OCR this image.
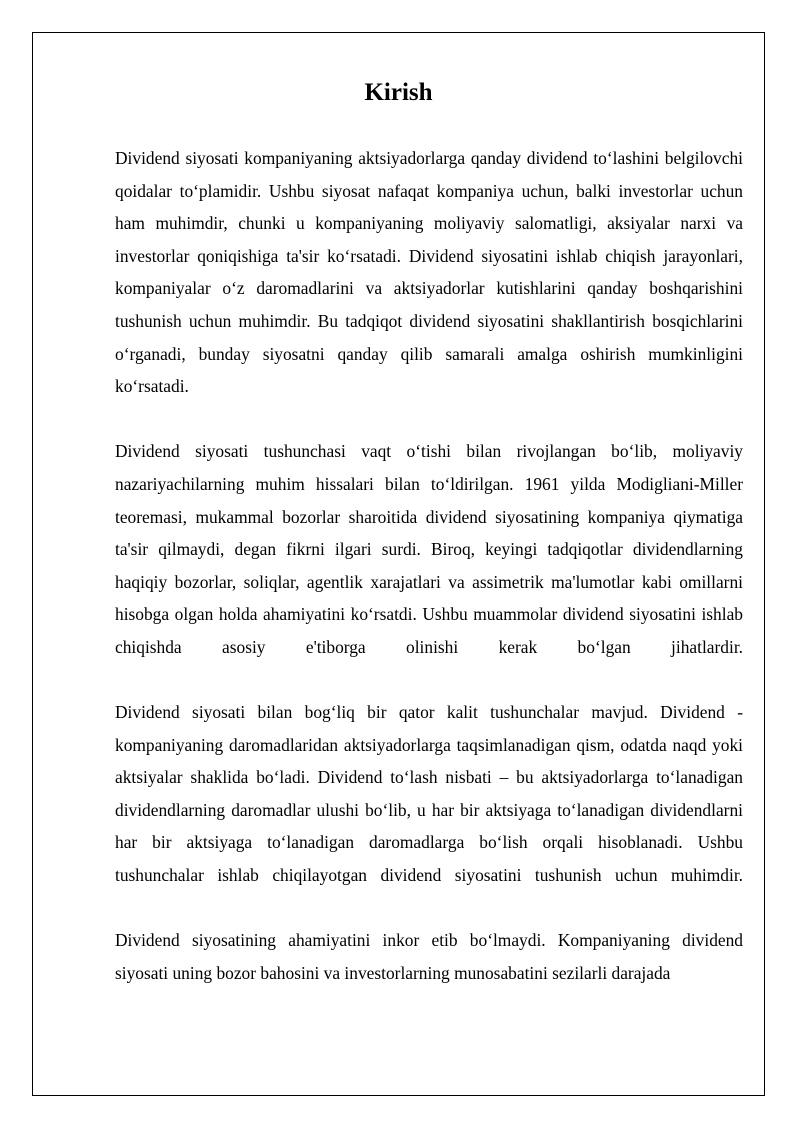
Kirish

Dividend siyosati kompaniyaning aktsiyadorlarga qanday dividend to‘lashini belgilovchi qoidalar to‘plamidir. Ushbu siyosat nafaqat kompaniya uchun, balki investorlar uchun ham muhimdir, chunki u kompaniyaning moliyaviy salomatligi, aksiyalar narxi va investorlar qoniqishiga ta'sir ko‘rsatadi. Dividend siyosatini ishlab chiqish jarayonlari, kompaniyalar o‘z daromadlarini va aktsiyadorlar kutishlarini qanday boshqarishini tushunish uchun muhimdir. Bu tadqiqot dividend siyosatini shakllantirish bosqichlarini o‘rganadi, bunday siyosatni qanday qilib samarali amalga oshirish mumkinligini ko‘rsatadi.

Dividend siyosati tushunchasi vaqt o‘tishi bilan rivojlangan bo‘lib, moliyaviy nazariyachilarning muhim hissalari bilan to‘ldirilgan. 1961 yilda Modigliani-Miller teoremasi, mukammal bozorlar sharoitida dividend siyosatining kompaniya qiymatiga ta'sir qilmaydi, degan fikrni ilgari surdi. Biroq, keyingi tadqiqotlar dividendlarning haqiqiy bozorlar, soliqlar, agentlik xarajatlari va assimetrik ma'lumotlar kabi omillarni hisobga olgan holda ahamiyatini ko‘rsatdi. Ushbu muammolar dividend siyosatini ishlab chiqishda asosiy e'tiborga olinishi kerak bo‘lgan jihatlardir.

Dividend siyosati bilan bog‘liq bir qator kalit tushunchalar mavjud. Dividend - kompaniyaning daromadlaridan aktsiyadorlarga taqsimlanadigan qism, odatda naqd yoki aktsiyalar shaklida bo‘ladi. Dividend to‘lash nisbati – bu aktsiyadorlarga to‘lanadigan dividendlarning daromadlar ulushi bo‘lib, u har bir aktsiyaga to‘lanadigan dividendlarni har bir aktsiyaga to‘lanadigan daromadlarga bo‘lish orqali hisoblanadi. Ushbu tushunchalar ishlab chiqilayotgan dividend siyosatini tushunish uchun muhimdir.

Dividend siyosatining ahamiyatini inkor etib bo‘lmaydi. Kompaniyaning dividend siyosati uning bozor bahosini va investorlarning munosabatini sezilarli darajada
